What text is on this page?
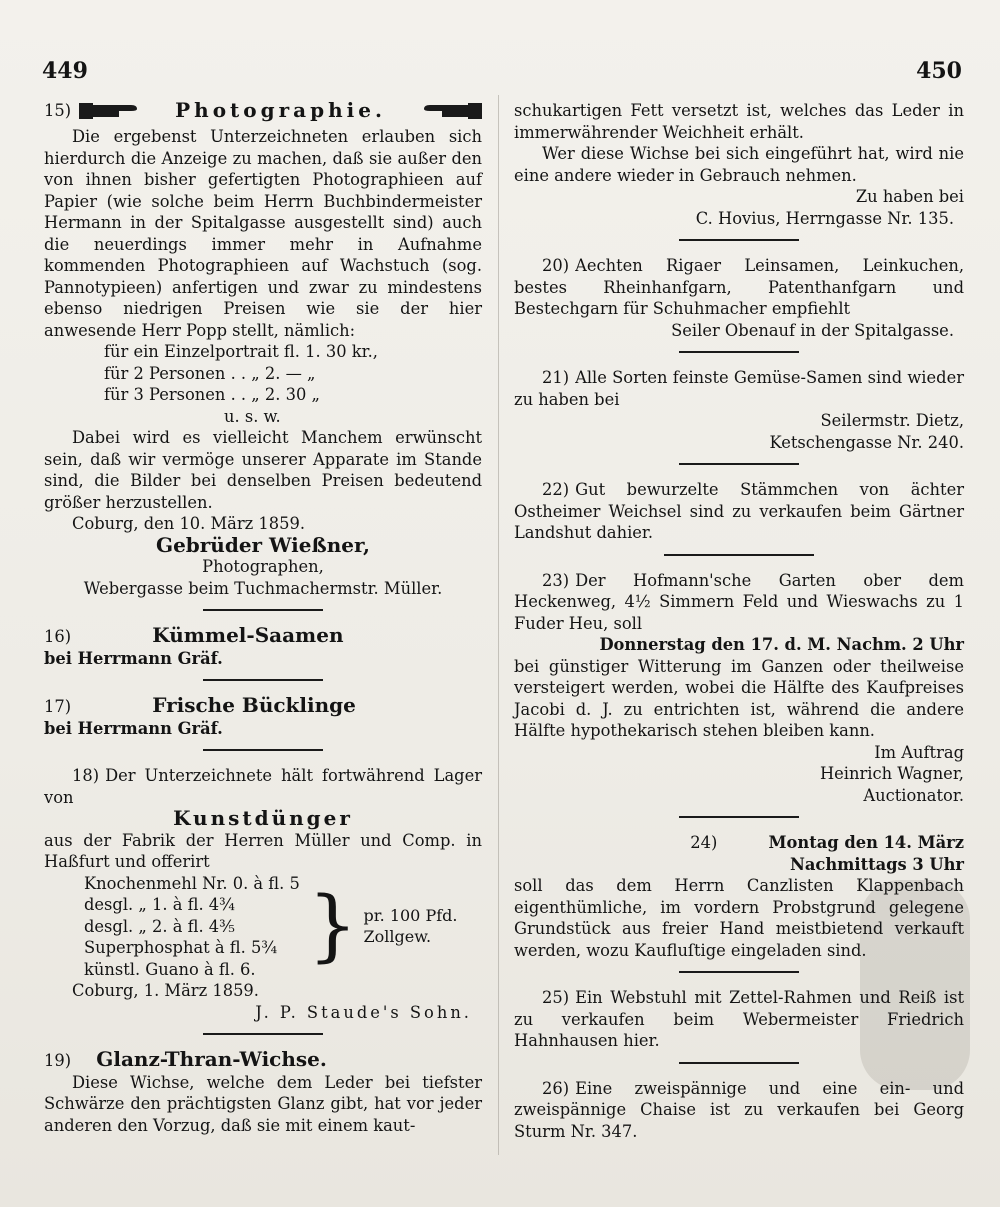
449	450
15)	Photographie.

Die ergebenst Unterzeichneten erlauben sich hierdurch die Anzeige zu machen, daß sie außer den von ihnen bisher gefertigten Photographieen auf Papier (wie solche beim Herrn Buchbindermeister Hermann in der Spitalgasse ausgestellt sind) auch die neuerdings immer mehr in Aufnahme kommenden Photographieen auf Wachstuch (sog. Pannotypieen) anfertigen und zwar zu mindestens ebenso niedrigen Preisen wie sie der hier anwesende Herr Popp stellt, nämlich:

für ein Einzelportrait fl. 1. 30 kr.,
für 2 Personen . . „ 2. — „
für 3 Personen . . „ 2. 30 „
u. s. w.

Dabei wird es vielleicht Manchem erwünscht sein, daß wir vermöge unserer Apparate im Stande sind, die Bilder bei denselben Preisen bedeutend größer herzustellen.

Coburg, den 10. März 1859.

Gebrüder Wießner,
Photographen,
Webergasse beim Tuchmachermstr. Müller.
16)	Kümmel-Saamen
bei Herrmann Gräf.
17)	Frische Bücklinge
bei Herrmann Gräf.

18) Der Unterzeichnete hält fortwährend Lager von

Kunstdünger

aus der Fabrik der Herren Müller und Comp. in Haßfurt und offerirt

Knochenmehl Nr. 0. à fl. 5
desgl. „ 1. à fl. 4¾
desgl. „ 2. à fl. 4⅗
Superphosphat à fl. 5¾
künstl. Guano à fl. 6. } pr. 100 Pfd. Zollgew.

Coburg, 1. März 1859.

J. P. Staude's Sohn.
19) Glanz-Thran-Wichse.

Diese Wichse, welche dem Leder bei tiefster Schwärze den prächtigsten Glanz gibt, hat vor jeder anderen den Vorzug, daß sie mit einem kaut-

schukartigen Fett versetzt ist, welches das Leder in immerwährender Weichheit erhält.

Wer diese Wichse bei sich eingeführt hat, wird nie eine andere wieder in Gebrauch nehmen.

Zu haben bei
C. Hovius, Herrngasse Nr. 135.

20) Aechten Rigaer Leinsamen, Leinkuchen, bestes Rheinhanfgarn, Patenthanfgarn und Bestechgarn für Schuhmacher empfiehlt

Seiler Obenauf in der Spitalgasse.

21) Alle Sorten feinste Gemüse-Samen sind wieder zu haben bei

Seilermstr. Dietz,
Ketschengasse Nr. 240.

22) Gut bewurzelte Stämmchen von ächter Ostheimer Weichsel sind zu verkaufen beim Gärtner Landshut dahier.

23) Der Hofmann'sche Garten ober dem Heckenweg, 4½ Simmern Feld und Wieswachs zu 1 Fuder Heu, soll

Donnerstag den 17. d. M. Nachm. 2 Uhr

bei günstiger Witterung im Ganzen oder theilweise versteigert werden, wobei die Hälfte des Kaufpreises Jacobi d. J. zu entrichten ist, während die andere Hälfte hypothekarisch stehen bleiben kann.

Im Auftrag
Heinrich Wagner,
Auctionator.
24)	Montag den 14. März
Nachmittags 3 Uhr

soll das dem Herrn Canzlisten Klappenbach eigenthümliche, im vordern Probstgrund gelegene Grundstück aus freier Hand meistbietend verkauft werden, wozu Kaufluſtige eingeladen sind.

25) Ein Webstuhl mit Zettel-Rahmen und Reiß ist zu verkaufen beim Webermeister Friedrich Hahnhausen hier.

26) Eine zweispännige und eine ein- und zweispännige Chaise ist zu verkaufen bei Georg Sturm Nr. 347.
